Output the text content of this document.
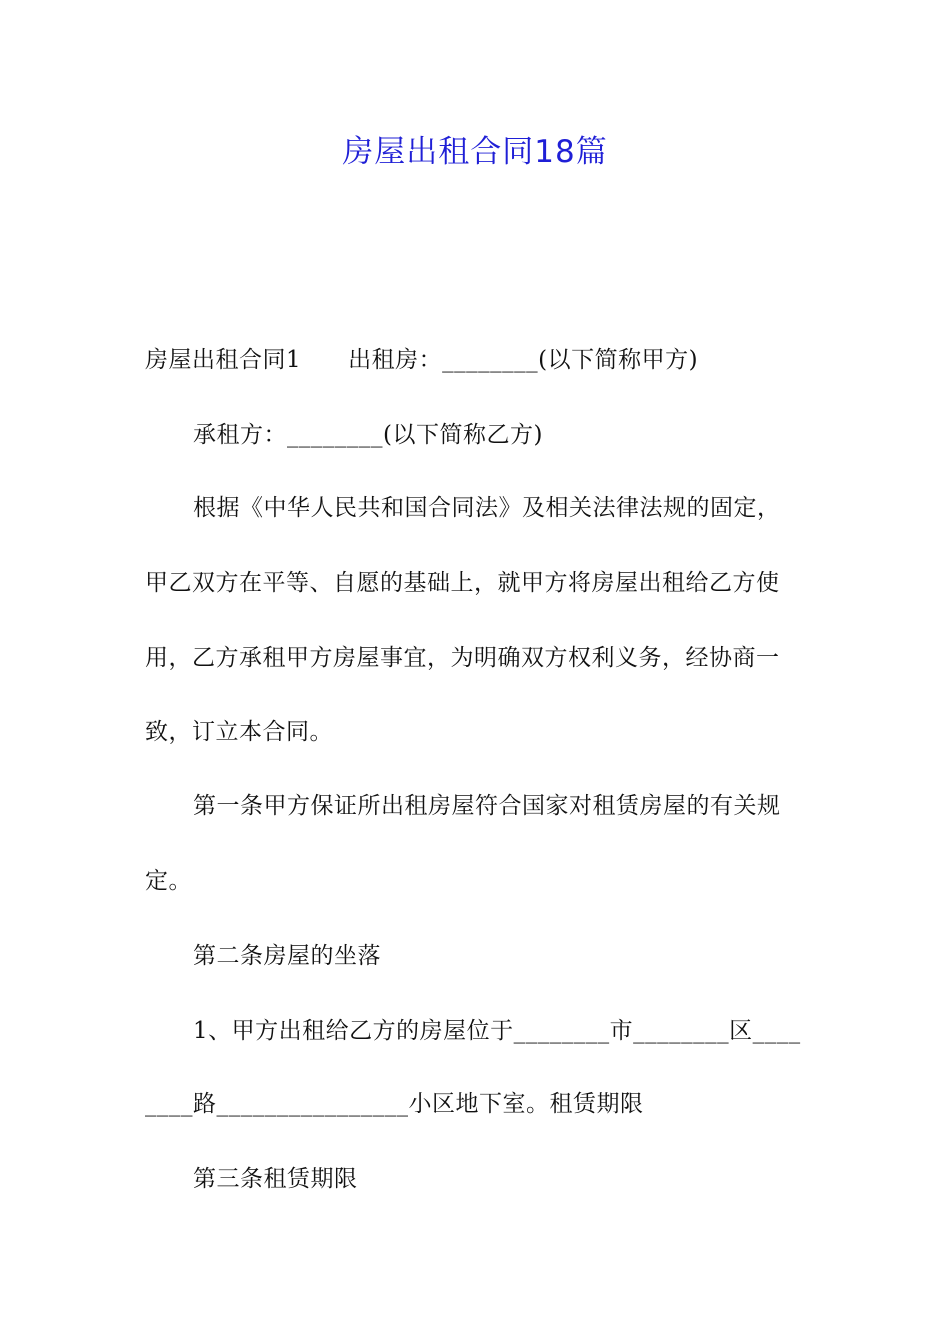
房屋出租合同18篇
房屋出租合同1　　出租房：________(以下简称甲方)
承租方：________(以下简称乙方)
根据《中华人民共和国合同法》及相关法律法规的固定，
甲乙双方在平等、自愿的基础上，就甲方将房屋出租给乙方使
用，乙方承租甲方房屋事宜，为明确双方权利义务，经协商一
致，订立本合同。
第一条甲方保证所出租房屋符合国家对租赁房屋的有关规
定。
第二条房屋的坐落
1、甲方出租给乙方的房屋位于________市________区____
____路________________小区地下室。租赁期限
第三条租赁期限
